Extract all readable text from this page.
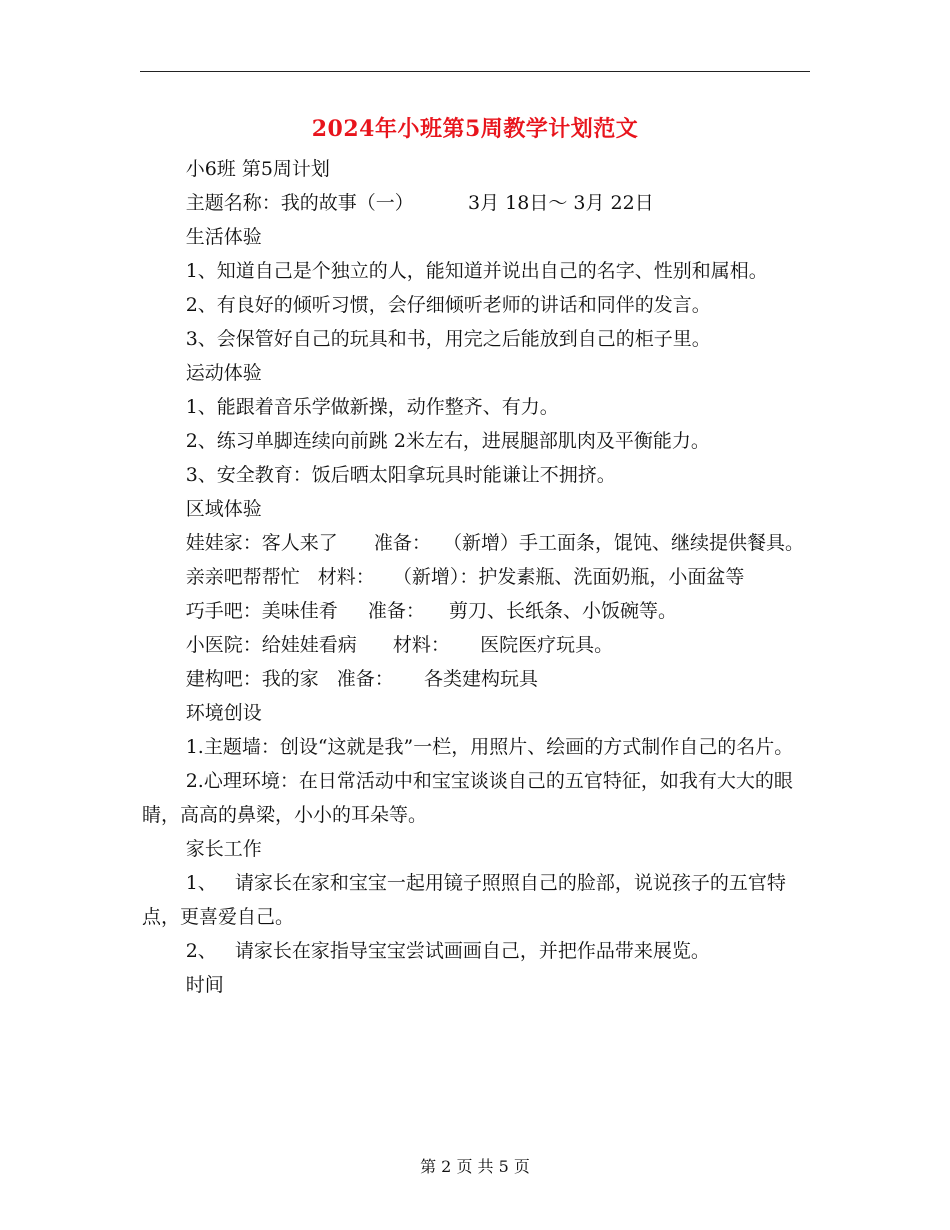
2024年小班第5周教学计划范文

小6班 第5周计划

主题名称：我的故事（一）         3月 18日～ 3月 22日

生活体验

1、知道自己是个独立的人，能知道并说出自己的名字、性别和属相。

2、有良好的倾听习惯，会仔细倾听老师的讲话和同伴的发言。

3、会保管好自己的玩具和书，用完之后能放到自己的柜子里。

运动体验

1、能跟着音乐学做新操，动作整齐、有力。

2、练习单脚连续向前跳 2米左右，进展腿部肌肉及平衡能力。

3、安全教育：饭后晒太阳拿玩具时能谦让不拥挤。

区域体验

娃娃家：客人来了      准备：  （新增）手工面条，馄饨、继续提供餐具。

亲亲吧帮帮忙   材料：   （新增）：护发素瓶、洗面奶瓶，小面盆等

巧手吧：美味佳肴     准备：    剪刀、长纸条、小饭碗等。

小医院：给娃娃看病      材料：     医院医疗玩具。

建构吧：我的家   准备：     各类建构玩具

环境创设

1.主题墙：创设“这就是我”一栏，用照片、绘画的方式制作自己的名片。

2.心理环境：在日常活动中和宝宝谈谈自己的五官特征，如我有大大的眼睛，高高的鼻梁，小小的耳朵等。

家长工作

1、   请家长在家和宝宝一起用镜子照照自己的脸部，说说孩子的五官特点，更喜爱自己。

2、   请家长在家指导宝宝尝试画画自己，并把作品带来展览。

时间

第 2 页 共 5 页
